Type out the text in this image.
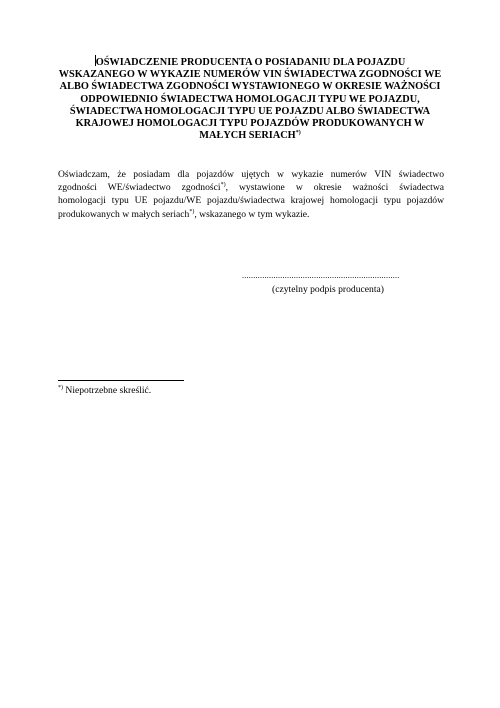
OŚWIADCZENIE PRODUCENTA O POSIADANIU DLA POJAZDU
WSKAZANEGO W WYKAZIE NUMERÓW VIN ŚWIADECTWA ZGODNOŚCI WE
ALBO ŚWIADECTWA ZGODNOŚCI WYSTAWIONEGO W OKRESIE WAŻNOŚCI
ODPOWIEDNIO ŚWIADECTWA HOMOLOGACJI TYPU WE POJAZDU,
ŚWIADECTWA HOMOLOGACJI TYPU UE POJAZDU ALBO ŚWIADECTWA
KRAJOWEJ HOMOLOGACJI TYPU POJAZDÓW PRODUKOWANYCH W
MAŁYCH SERIACH*)
Oświadczam, że posiadam dla pojazdów ujętych w wykazie numerów VIN świadectwo
zgodności WE/świadectwo zgodności*), wystawione w okresie ważności świadectwa
homologacji typu UE pojazdu/WE pojazdu/świadectwa krajowej homologacji typu pojazdów
produkowanych w małych seriach*), wskazanego w tym wykazie.
......................................................................
(czytelny podpis producenta)
*) Niepotrzebne skreślić.
